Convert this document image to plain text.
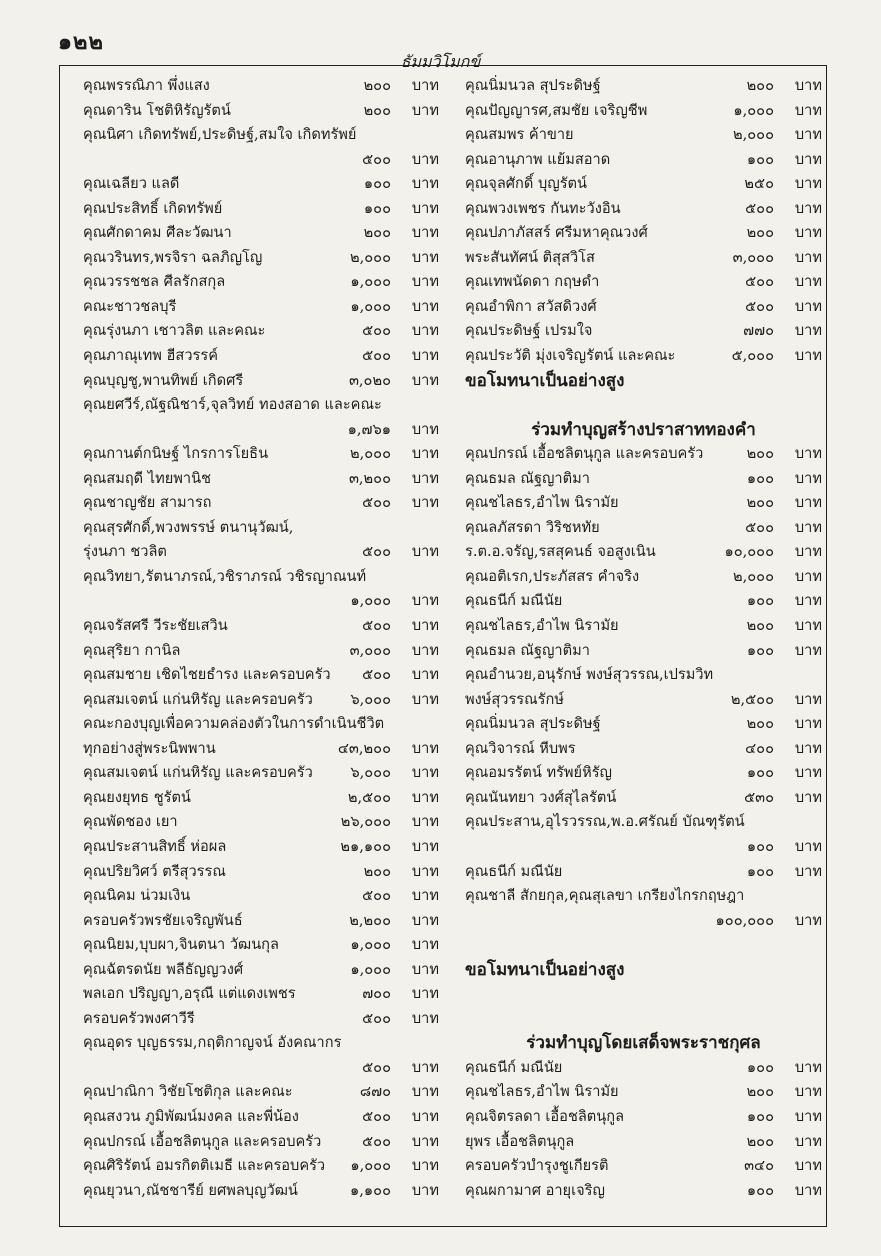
๑๒๒
ธัมมวิโมกข์
คุณพรรณิภา พึ่งแสง	๒๐๐ บาท
คุณดาริน โชติหิรัญรัตน์	๒๐๐ บาท
คุณนิศา เกิดทรัพย์,ประดิษฐ์,สมใจ เกิดทรัพย์
๕๐๐ บาท
คุณเฉลียว แลดี	๑๐๐ บาท
คุณประสิทธิ์ เกิดทรัพย์	๑๐๐ บาท
คุณศักดาคม ศีละวัฒนา	๒๐๐ บาท
คุณวรินทร,พรจิรา ฉลภิญโญ	๒,๐๐๐ บาท
คุณวรรชชล ศีลรักสกุล	๑,๐๐๐ บาท
คณะชาวชลบุรี	๑,๐๐๐ บาท
คุณรุ่งนภา เชาวลิต และคณะ	๕๐๐ บาท
คุณภาณุเทพ ฮีสวรรค์	๕๐๐ บาท
คุณบุญชู,พานทิพย์ เกิดศรี	๓,๐๒๐ บาท
คุณยศวีร์,ณัฐณิชาร์,จุลวิทย์ ทองสอาด และคณะ
๑,๗๖๑ บาท
คุณกานต์กนิษฐ์ ไกรการโยธิน	๒,๐๐๐ บาท
คุณสมฤดี ไทยพานิช	๓,๒๐๐ บาท
คุณชาญชัย สามารถ	๕๐๐ บาท
คุณสุรศักดิ์,พวงพรรษ์ ตนานุวัฒน์,
รุ่งนภา ชวลิต	๕๐๐ บาท
คุณวิทยา,รัตนาภรณ์,วชิราภรณ์ วชิรญาณนท์
๑,๐๐๐ บาท
คุณจรัสศรี วีระชัยเสวิน	๕๐๐ บาท
คุณสุริยา กานิล	๓,๐๐๐ บาท
คุณสมชาย เชิดไชยธำรง และครอบครัว ๕๐๐ บาท
คุณสมเจตน์ แก่นหิรัญ และครอบครัว	๖,๐๐๐ บาท
คณะกองบุญเพื่อความคล่องตัวในการดำเนินชีวิต
ทุกอย่างสู่พระนิพพาน	๔๓,๒๐๐ บาท
คุณสมเจตน์ แก่นหิรัญ และครอบครัว	๖,๐๐๐ บาท
คุณยงยุทธ ชูรัตน์	๒,๕๐๐ บาท
คุณพัดชอง เยา	๒๖,๐๐๐ บาท
คุณประสานสิทธิ์ ห่อผล	๒๑,๑๐๐ บาท
คุณปริยวิศว์ ตรีสุวรรณ	๒๐๐ บาท
คุณนิคม น่วมเงิน	๕๐๐ บาท
ครอบครัวพรชัยเจริญพันธ์	๒,๒๐๐ บาท
คุณนิยม,บุบผา,จินตนา วัฒนกุล	๑,๐๐๐ บาท
คุณฉัตรดนัย พลีธัญญวงศ์	๑,๐๐๐ บาท
พลเอก ปริญญา,อรุณี แต่แดงเพชร	๗๐๐ บาท
ครอบครัวพงศาวีรี	๕๐๐ บาท
คุณอุดร บุญธรรม,กฤติกาญจน์ อังคณากร
๕๐๐ บาท
คุณปาณิกา วิชัยโชติกุล และคณะ	๘๗๐ บาท
คุณสงวน ภูมิพัฒน์มงคล และพี่น้อง	๕๐๐ บาท
คุณปกรณ์ เอื้อชลิตนุกูล และครอบครัว	๕๐๐ บาท
คุณศิริรัตน์ อมรกิตติเมธี และครอบครัว ๑,๐๐๐ บาท
คุณยุวนา,ณัชชารีย์ ยศพลบุญวัฒน์	๑,๑๐๐ บาท
คุณนิ่มนวล สุประดิษฐ์	๒๐๐ บาท
คุณปัญญารศ,สมชัย เจริญชีพ	๑,๐๐๐ บาท
คุณสมพร ค้าขาย	๒,๐๐๐ บาท
คุณอานุภาพ แย้มสอาด	๑๐๐ บาท
คุณจุลศักดิ์ บุญรัตน์	๒๕๐ บาท
คุณพวงเพชร กันทะวังอิน	๕๐๐ บาท
คุณปภาภัสสร์ ศรีมหาคุณวงศ์	๒๐๐ บาท
พระสันทัศน์ ติสุสวิโส	๓,๐๐๐ บาท
คุณเทพนัดดา กฤษดำ	๕๐๐ บาท
คุณอำพิกา สวัสดิวงศ์	๕๐๐ บาท
คุณประดิษฐ์ เปรมใจ	๗๗๐ บาท
คุณประวัติ มุ่งเจริญรัตน์ และคณะ	๕,๐๐๐ บาท
ขอโมทนาเป็นอย่างสูง
ร่วมทำบุญสร้างปราสาททองคำ
คุณปกรณ์ เอื้อชลิตนุกูล และครอบครัว	๒๐๐ บาท
คุณธมล ณัฐญาติมา	๑๐๐ บาท
คุณชไลธร,อำไพ นิรามัย	๒๐๐ บาท
คุณลภัสรดา วิริชหทัย	๕๐๐ บาท
ร.ต.อ.จรัญ,รสสุคนธ์ จอสูงเนิน	๑๐,๐๐๐ บาท
คุณอติเรก,ประภัสสร คำจริง	๒,๐๐๐ บาท
คุณธนีก์ มณีนัย	๑๐๐ บาท
คุณชไลธร,อำไพ นิรามัย	๒๐๐ บาท
คุณธมล ณัฐญาติมา	๑๐๐ บาท
คุณอำนวย,อนุรักษ์ พงษ์สุวรรณ,เปรมวิท
พงษ์สุวรรณรักษ์	๒,๕๐๐ บาท
คุณนิ่มนวล สุประดิษฐ์	๒๐๐ บาท
คุณวิจารณ์ หีบพร	๔๐๐ บาท
คุณอมรรัตน์ ทรัพย์หิรัญ	๑๐๐ บาท
คุณนันทยา วงศ์สุไลรัตน์	๕๓๐ บาท
คุณประสาน,อุไรวรรณ,พ.อ.ศรัณย์ บัณฑุรัตน์
๑๐๐ บาท
คุณธนีก์ มณีนัย	๑๐๐ บาท
คุณชาลี สักยกุล,คุณสุเลขา เกรียงไกรกฤษฎา
๑๐๐,๐๐๐ บาท
ขอโมทนาเป็นอย่างสูง
ร่วมทำบุญโดยเสด็จพระราชกุศล
คุณธนีก์ มณีนัย	๑๐๐ บาท
คุณชไลธร,อำไพ นิรามัย	๒๐๐ บาท
คุณจิตรลดา เอื้อชลิตนุกูล	๑๐๐ บาท
ยุพร เอื้อชลิตนุกูล	๒๐๐ บาท
ครอบครัวบำรุงชูเกียรติ	๓๔๐ บาท
คุณผกามาศ อายุเจริญ	๑๐๐ บาท
